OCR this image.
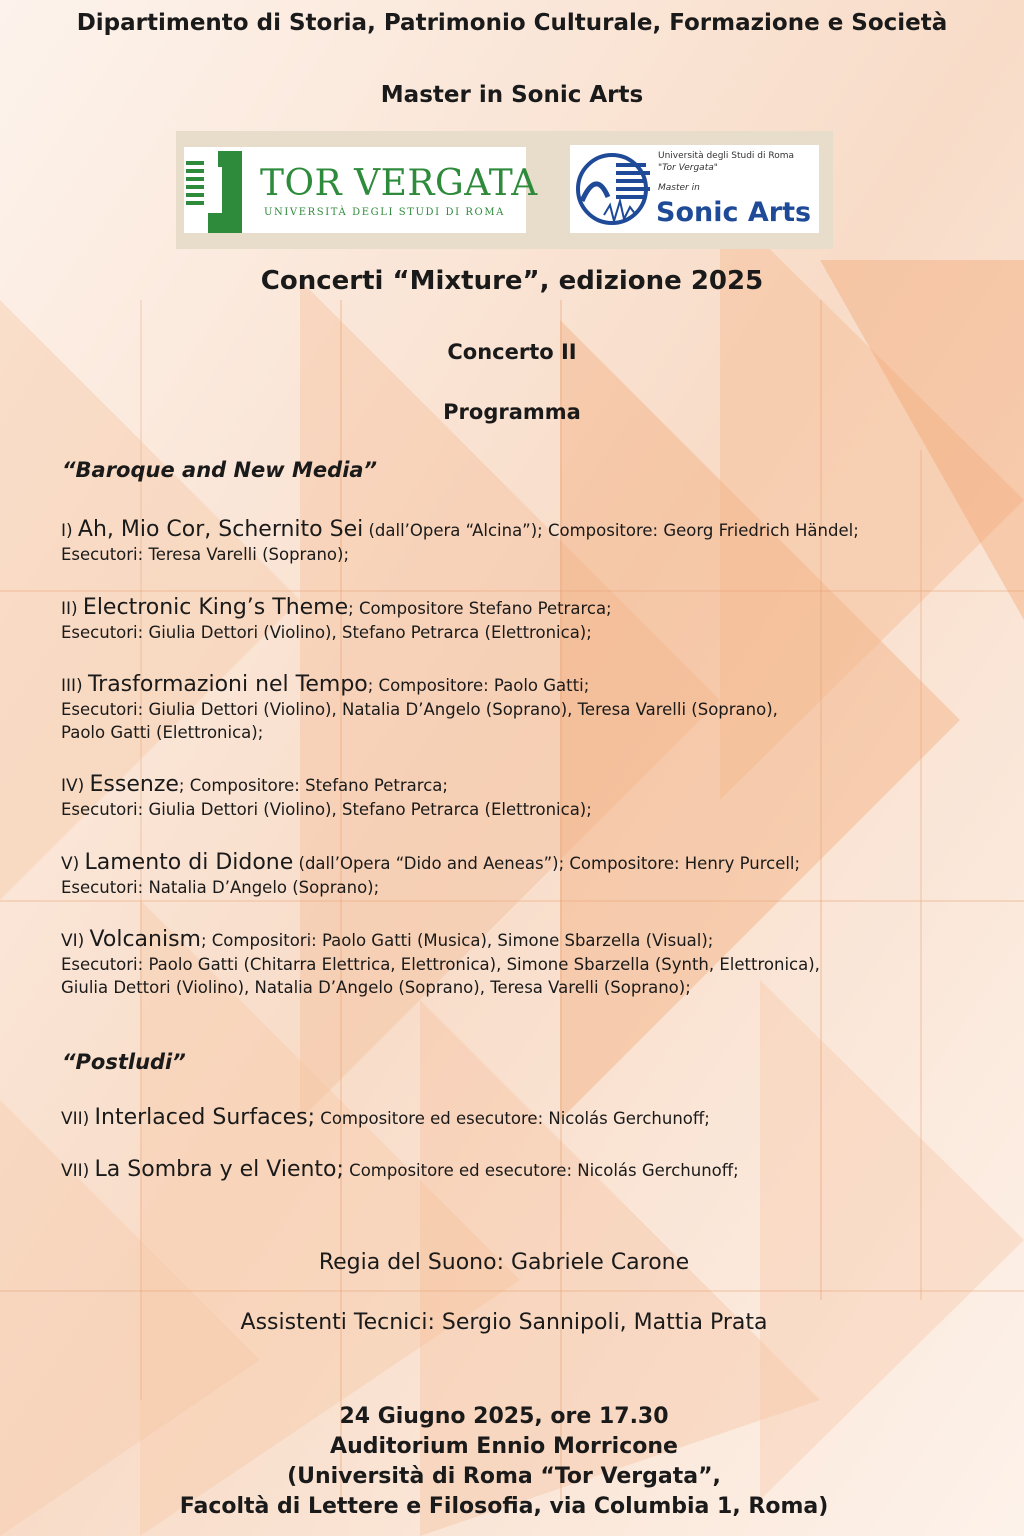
Dipartimento di Storia, Patrimonio Culturale, Formazione e Società
Master in Sonic Arts
TOR VERGATA
UNIVERSITÀ DEGLI STUDI DI ROMA
Università degli Studi di Roma
"Tor Vergata"
Master in
Sonic Arts
Concerti “Mixture”, edizione 2025
Concerto II
Programma
“Baroque and New Media”
I) Ah, Mio Cor, Schernito Sei (dall’Opera “Alcina”); Compositore: Georg Friedrich Händel;
Esecutori: Teresa Varelli (Soprano);
II) Electronic King’s Theme; Compositore Stefano Petrarca;
Esecutori: Giulia Dettori (Violino), Stefano Petrarca (Elettronica);
III) Trasformazioni nel Tempo; Compositore: Paolo Gatti;
Esecutori: Giulia Dettori (Violino), Natalia D’Angelo (Soprano), Teresa Varelli (Soprano),
Paolo Gatti (Elettronica);
IV) Essenze; Compositore: Stefano Petrarca;
Esecutori: Giulia Dettori (Violino), Stefano Petrarca (Elettronica);
V) Lamento di Didone (dall’Opera “Dido and Aeneas”); Compositore: Henry Purcell;
Esecutori: Natalia D’Angelo (Soprano);
VI) Volcanism; Compositori: Paolo Gatti (Musica), Simone Sbarzella (Visual);
Esecutori: Paolo Gatti (Chitarra Elettrica, Elettronica), Simone Sbarzella (Synth, Elettronica),
Giulia Dettori (Violino), Natalia D’Angelo (Soprano), Teresa Varelli (Soprano);
“Postludi”
VII) Interlaced Surfaces; Compositore ed esecutore: Nicolás Gerchunoff;
VII) La Sombra y el Viento; Compositore ed esecutore: Nicolás Gerchunoff;
Regia del Suono: Gabriele Carone
Assistenti Tecnici: Sergio Sannipoli, Mattia Prata
24 Giugno 2025, ore 17.30
Auditorium Ennio Morricone
(Università di Roma “Tor Vergata”,
Facoltà di Lettere e Filosofia, via Columbia 1, Roma)
